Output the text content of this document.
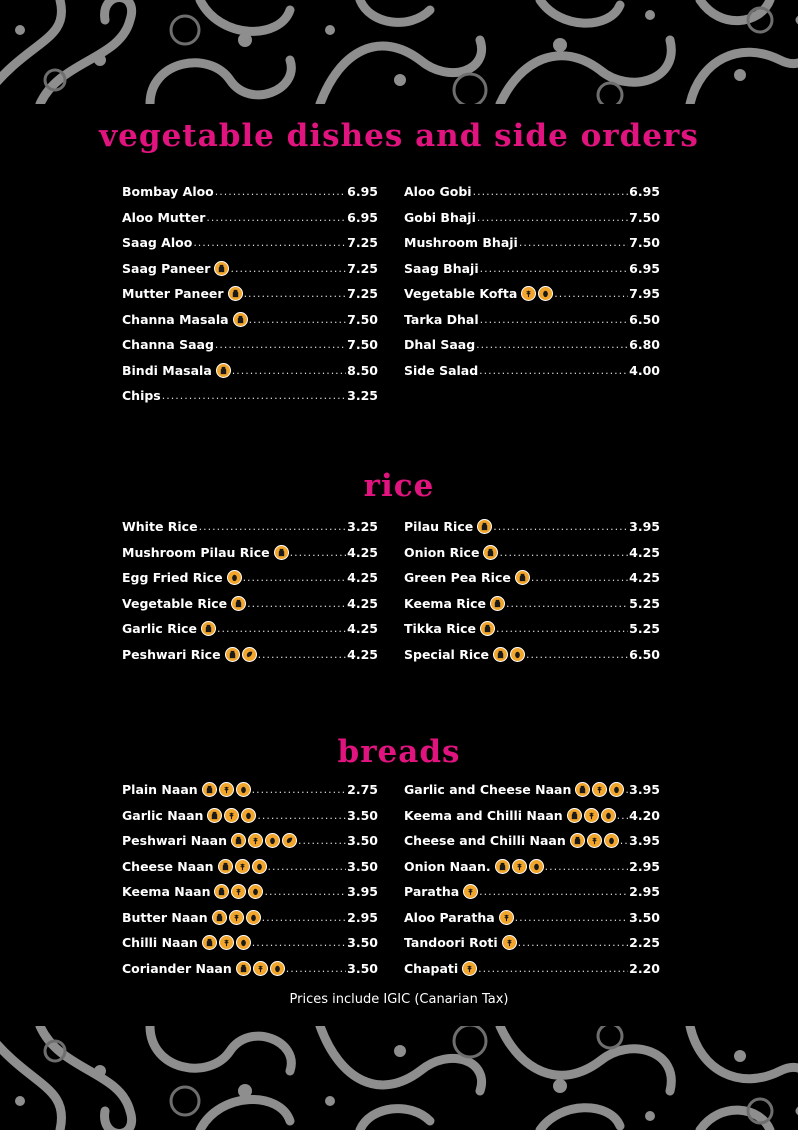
vegetable dishes and side orders
Bombay Aloo .....	6.95
Aloo Mutter .....	6.95
Saag Aloo .....	7.25
Saag Paneer .....	7.25
Mutter Paneer .....	7.25
Channa Masala .....	7.50
Channa Saag .....	7.50
Bindi Masala .....	8.50
Chips .....	3.25
Aloo Gobi .....	6.95
Gobi Bhaji .....	7.50
Mushroom Bhaji .....	7.50
Saag Bhaji .....	6.95
Vegetable Kofta .....	7.95
Tarka Dhal .....	6.50
Dhal Saag .....	6.80
Side Salad .....	4.00
rice
White Rice .....	3.25
Mushroom Pilau Rice .....	4.25
Egg Fried Rice .....	4.25
Vegetable Rice .....	4.25
Garlic Rice .....	4.25
Peshwari Rice .....	4.25
Pilau Rice .....	3.95
Onion Rice .....	4.25
Green Pea Rice .....	4.25
Keema Rice .....	5.25
Tikka Rice .....	5.25
Special Rice .....	6.50
breads
Plain Naan .....	2.75
Garlic Naan .....	3.50
Peshwari Naan .....	3.50
Cheese Naan .....	3.50
Keema Naan .....	3.95
Butter Naan .....	2.95
Chilli Naan .....	3.50
Coriander Naan .....	3.50
Garlic and Cheese Naan .....	3.95
Keema and Chilli Naan .....	4.20
Cheese and Chilli Naan .....	3.95
Onion Naan. .....	2.95
Paratha .....	2.95
Aloo Paratha .....	3.50
Tandoori Roti .....	2.25
Chapati .....	2.20
Prices include IGIC (Canarian Tax)
